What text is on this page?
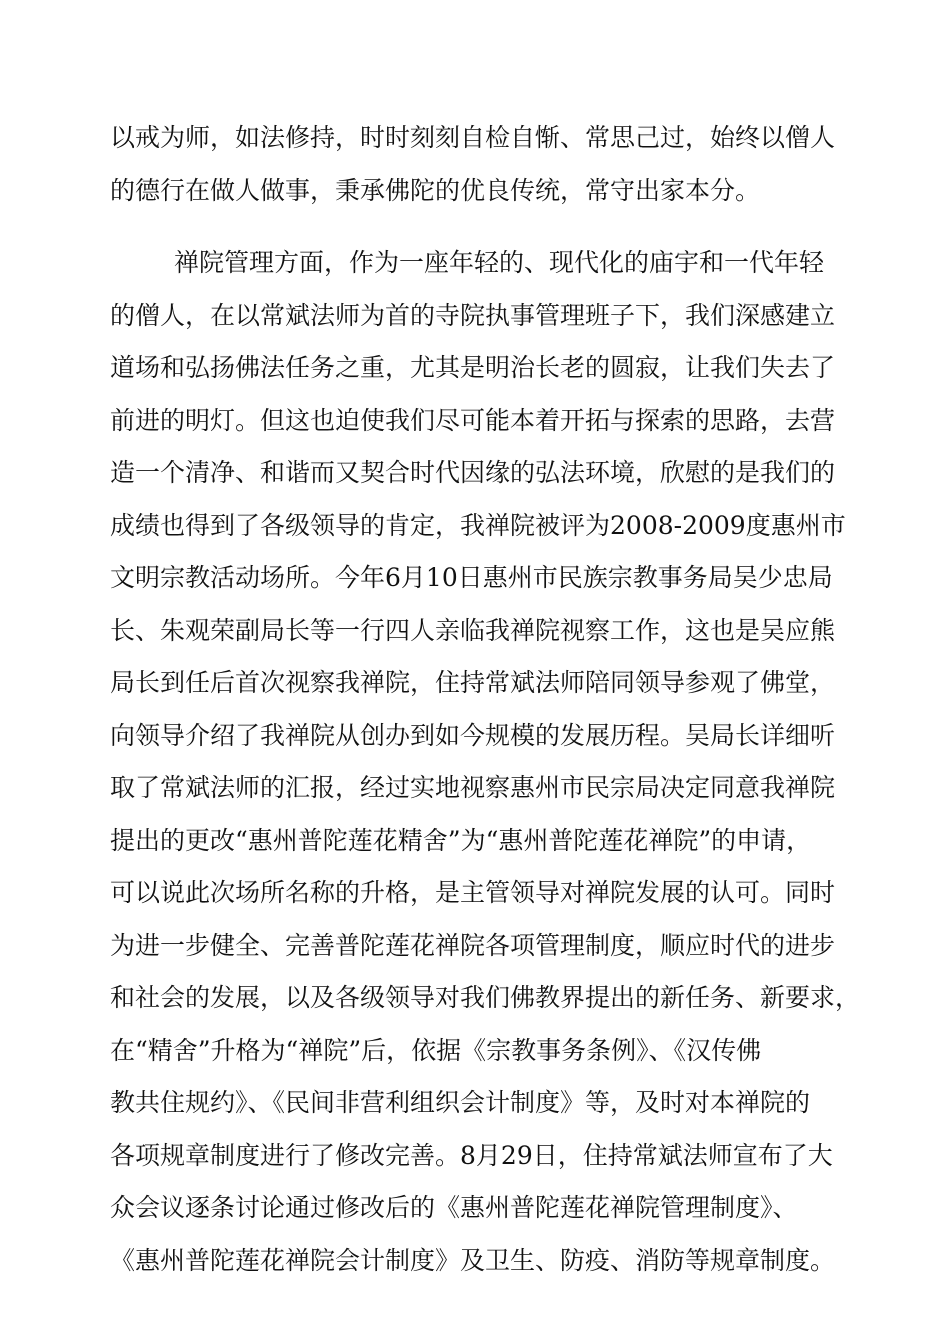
以戒为师，如法修持，时时刻刻自检自惭、常思己过，始终以僧人
的德行在做人做事，秉承佛陀的优良传统，常守出家本分。
禅院管理方面，作为一座年轻的、现代化的庙宇和一代年轻
的僧人，在以常斌法师为首的寺院执事管理班子下，我们深感建立
道场和弘扬佛法任务之重，尤其是明治长老的圆寂，让我们失去了
前进的明灯。但这也迫使我们尽可能本着开拓与探索的思路，去营
造一个清净、和谐而又契合时代因缘的弘法环境，欣慰的是我们的
成绩也得到了各级领导的肯定，我禅院被评为2008-2009度惠州市
文明宗教活动场所。今年6月10日惠州市民族宗教事务局吴少忠局
长、朱观荣副局长等一行四人亲临我禅院视察工作，这也是吴应熊
局长到任后首次视察我禅院，住持常斌法师陪同领导参观了佛堂，
向领导介绍了我禅院从创办到如今规模的发展历程。吴局长详细听
取了常斌法师的汇报，经过实地视察惠州市民宗局决定同意我禅院
提出的更改“惠州普陀莲花精舍”为“惠州普陀莲花禅院”的申请，
可以说此次场所名称的升格，是主管领导对禅院发展的认可。同时
为进一步健全、完善普陀莲花禅院各项管理制度，顺应时代的进步
和社会的发展，以及各级领导对我们佛教界提出的新任务、新要求，
在“精舍”升格为“禅院”后，依据《宗教事务条例》、《汉传佛
教共住规约》、《民间非营利组织会计制度》等，及时对本禅院的
各项规章制度进行了修改完善。8月29日，住持常斌法师宣布了大
众会议逐条讨论通过修改后的《惠州普陀莲花禅院管理制度》、
《惠州普陀莲花禅院会计制度》及卫生、防疫、消防等规章制度。
